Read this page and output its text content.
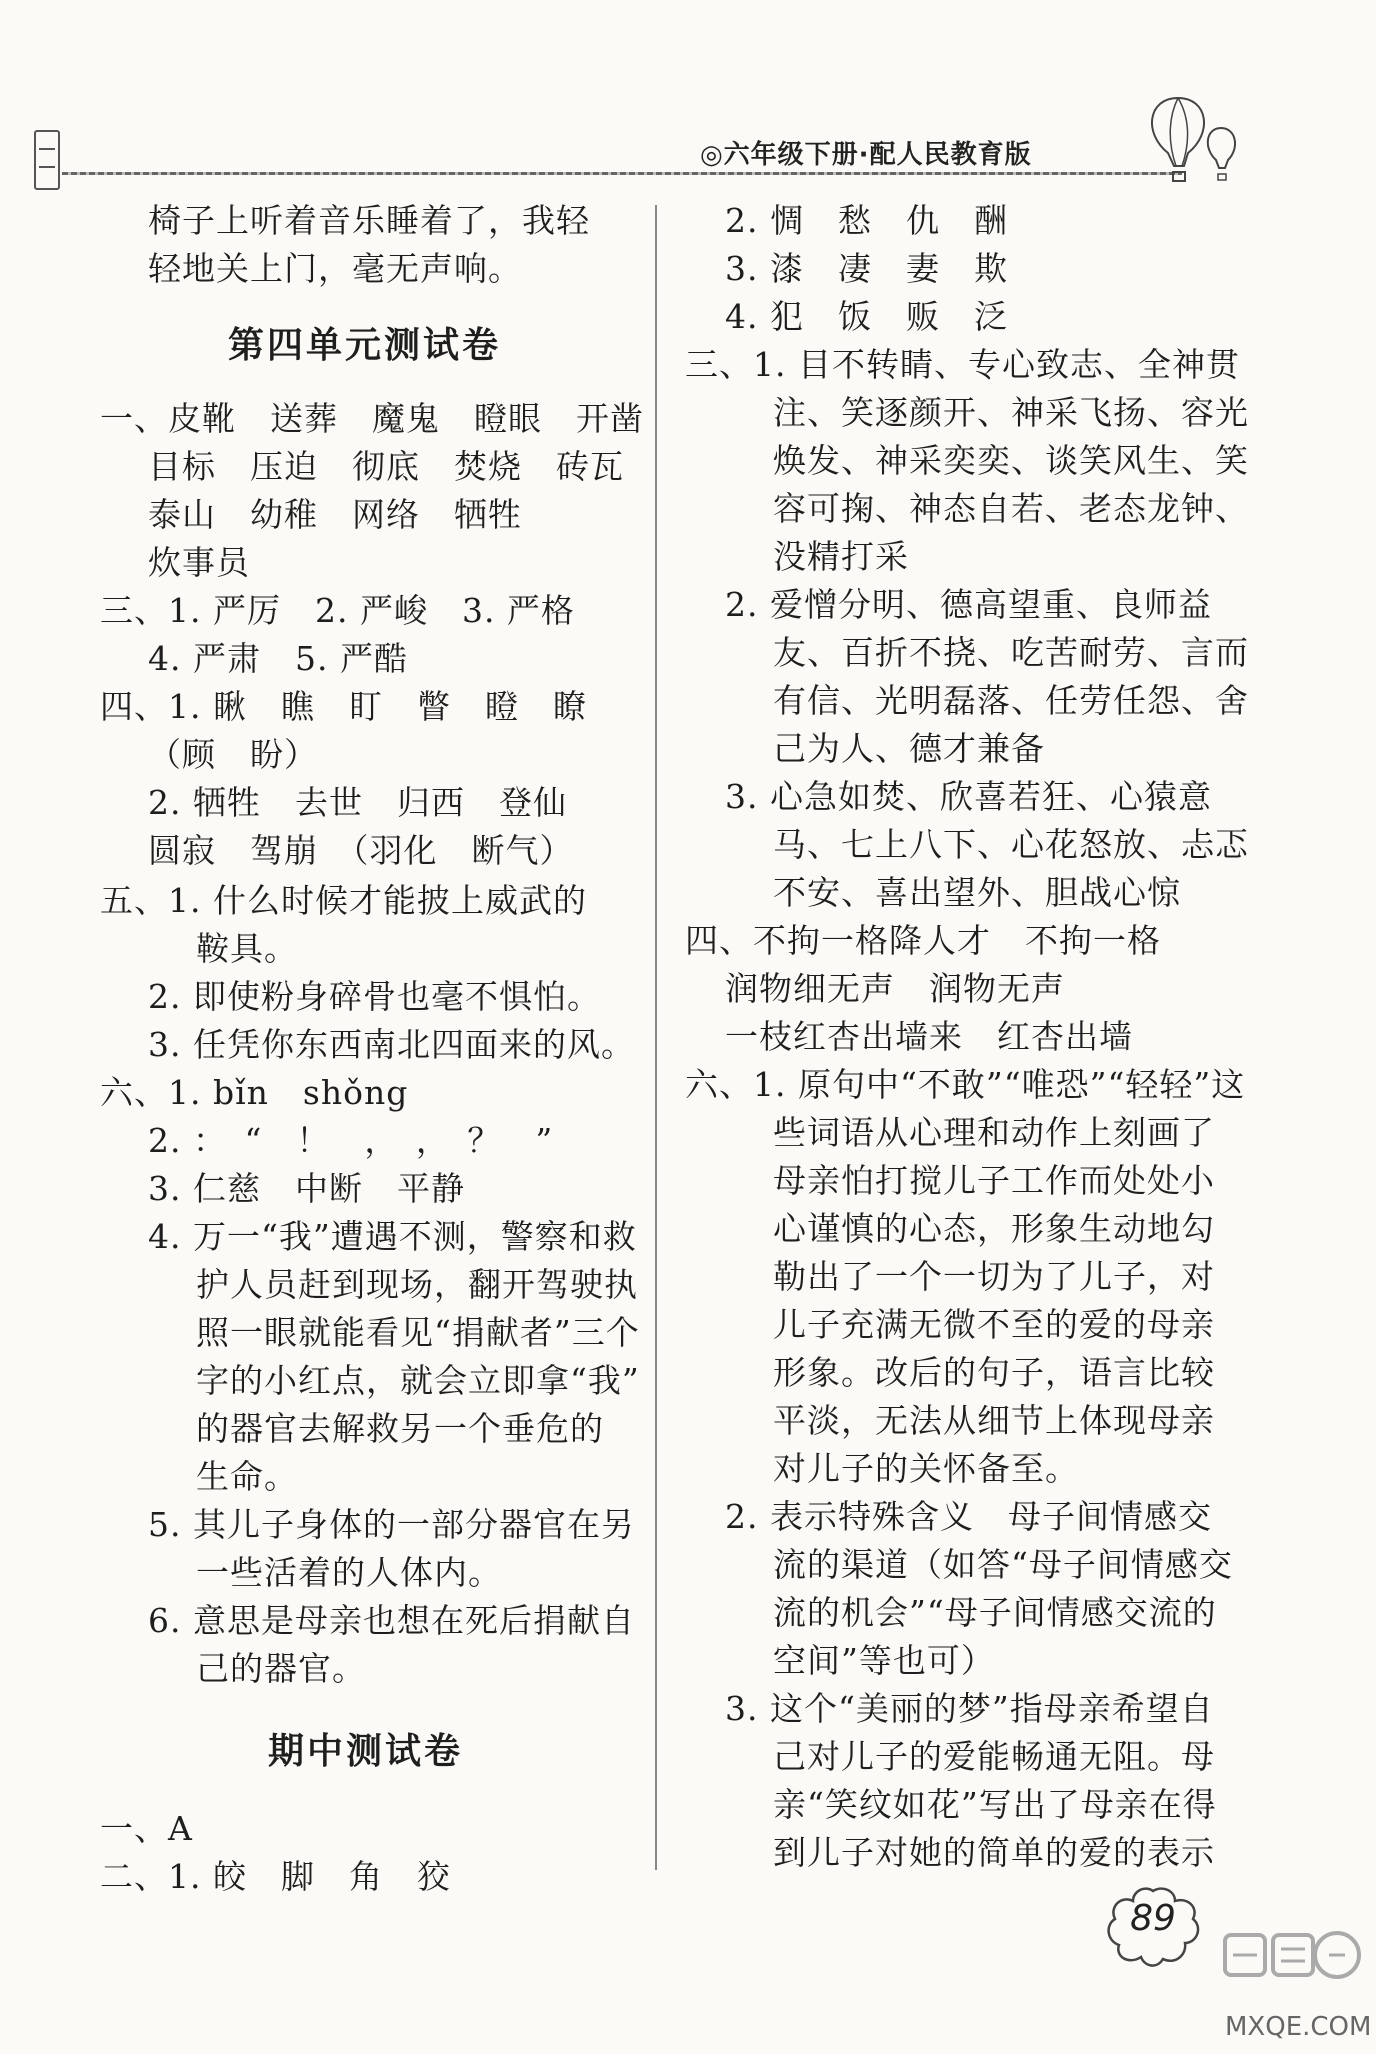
◎六年级下册·配人民教育版
椅子上听着音乐睡着了，我轻
轻地关上门，毫无声响。
第四单元测试卷
一、皮靴　送葬　魔鬼　瞪眼　开凿
目标　压迫　彻底　焚烧　砖瓦
泰山　幼稚　网络　牺牲
炊事员
三、1. 严厉　2. 严峻　3. 严格
4. 严肃　5. 严酷
四、1. 瞅　瞧　盯　瞥　瞪　瞭
（顾　盼）
2. 牺牲　去世　归西　登仙
圆寂　驾崩　（羽化　断气）
五、1. 什么时候才能披上威武的
鞍具。
2. 即使粉身碎骨也毫不惧怕。
3. 任凭你东西南北四面来的风。
六、1. bǐn　shǒng
2. ：　“　！　，　，　？　”
3. 仁慈　中断　平静
4. 万一“我”遭遇不测，警察和救
护人员赶到现场，翻开驾驶执
照一眼就能看见“捐献者”三个
字的小红点，就会立即拿“我”
的器官去解救另一个垂危的
生命。
5. 其儿子身体的一部分器官在另
一些活着的人体内。
6. 意思是母亲也想在死后捐献自
己的器官。
期中测试卷
一、A
二、1. 皎　脚　角　狡
2. 惆　愁　仇　酬
3. 漆　凄　妻　欺
4. 犯　饭　贩　泛
三、1. 目不转睛、专心致志、全神贯
注、笑逐颜开、神采飞扬、容光
焕发、神采奕奕、谈笑风生、笑
容可掬、神态自若、老态龙钟、
没精打采
2. 爱憎分明、德高望重、良师益
友、百折不挠、吃苦耐劳、言而
有信、光明磊落、任劳任怨、舍
己为人、德才兼备
3. 心急如焚、欣喜若狂、心猿意
马、七上八下、心花怒放、忐忑
不安、喜出望外、胆战心惊
四、不拘一格降人才　不拘一格
润物细无声　润物无声
一枝红杏出墙来　红杏出墙
六、1. 原句中“不敢”“唯恐”“轻轻”这
些词语从心理和动作上刻画了
母亲怕打搅儿子工作而处处小
心谨慎的心态，形象生动地勾
勒出了一个一切为了儿子，对
儿子充满无微不至的爱的母亲
形象。改后的句子，语言比较
平淡，无法从细节上体现母亲
对儿子的关怀备至。
2. 表示特殊含义　母子间情感交
流的渠道（如答“母子间情感交
流的机会”“母子间情感交流的
空间”等也可）
3. 这个“美丽的梦”指母亲希望自
己对儿子的爱能畅通无阻。母
亲“笑纹如花”写出了母亲在得
到儿子对她的简单的爱的表示
89
MXQE.COM
